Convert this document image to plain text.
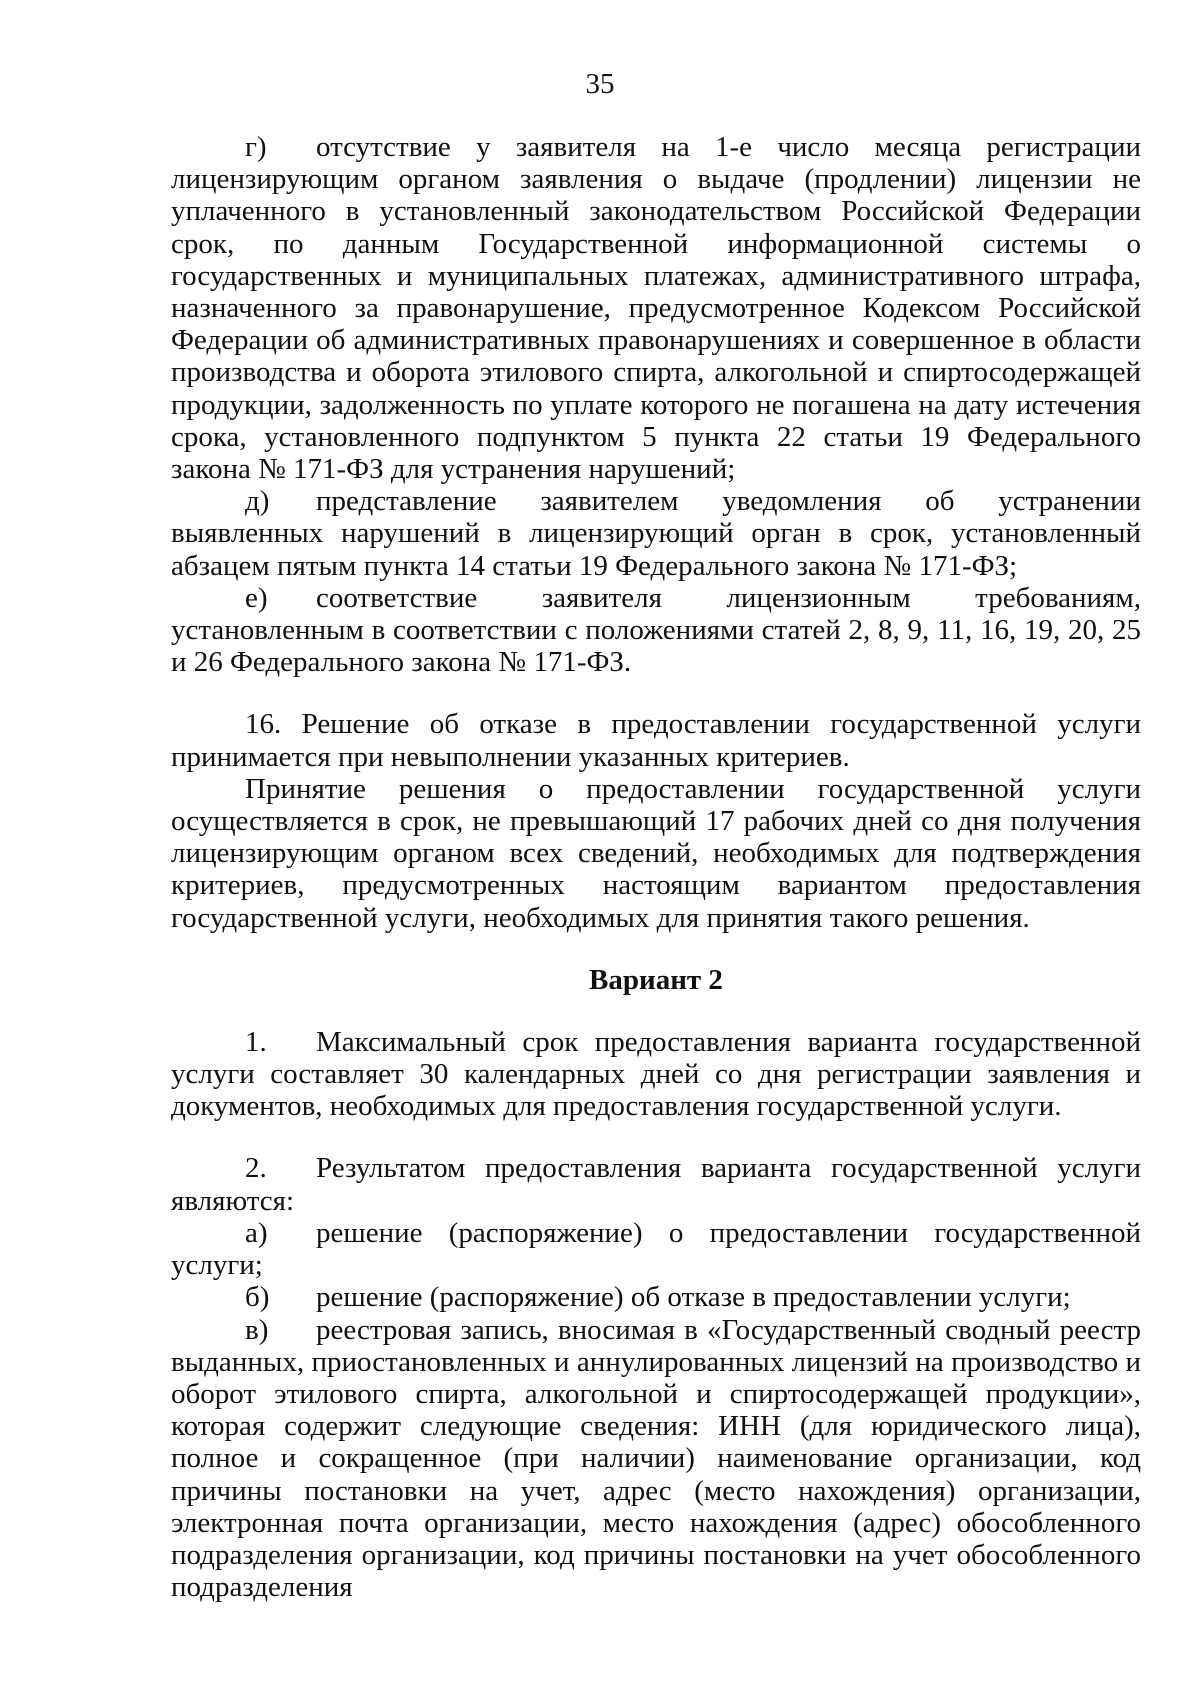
35

г) отсутствие у заявителя на 1-е число месяца регистрации лицензирующим органом заявления о выдаче (продлении) лицензии не уплаченного в установленный законодательством Российской Федерации срок, по данным Государственной информационной системы о государственных и муниципальных платежах, административного штрафа, назначенного за правонарушение, предусмотренное Кодексом Российской Федерации об административных правонарушениях и совершенное в области производства и оборота этилового спирта, алкогольной и спиртосодержащей продукции, задолженность по уплате которого не погашена на дату истечения срока, установленного подпунктом 5 пункта 22 статьи 19 Федерального закона № 171-ФЗ для устранения нарушений;

д) представление заявителем уведомления об устранении выявленных нарушений в лицензирующий орган в срок, установленный абзацем пятым пункта 14 статьи 19 Федерального закона № 171-ФЗ;

е) соответствие заявителя лицензионным требованиям, установленным в соответствии с положениями статей 2, 8, 9, 11, 16, 19, 20, 25 и 26 Федерального закона № 171-ФЗ.

16. Решение об отказе в предоставлении государственной услуги принимается при невыполнении указанных критериев.

Принятие решения о предоставлении государственной услуги осуществляется в срок, не превышающий 17 рабочих дней со дня получения лицензирующим органом всех сведений, необходимых для подтверждения критериев, предусмотренных настоящим вариантом предоставления государственной услуги, необходимых для принятия такого решения.

Вариант 2

1. Максимальный срок предоставления варианта государственной услуги составляет 30 календарных дней со дня регистрации заявления и документов, необходимых для предоставления государственной услуги.

2. Результатом предоставления варианта государственной услуги являются:

а) решение (распоряжение) о предоставлении государственной услуги;

б) решение (распоряжение) об отказе в предоставлении услуги;

в) реестровая запись, вносимая в «Государственный сводный реестр выданных, приостановленных и аннулированных лицензий на производство и оборот этилового спирта, алкогольной и спиртосодержащей продукции», которая содержит следующие сведения: ИНН (для юридического лица), полное и сокращенное (при наличии) наименование организации, код причины постановки на учет, адрес (место нахождения) организации, электронная почта организации, место нахождения (адрес) обособленного подразделения организации, код причины постановки на учет обособленного подразделения
